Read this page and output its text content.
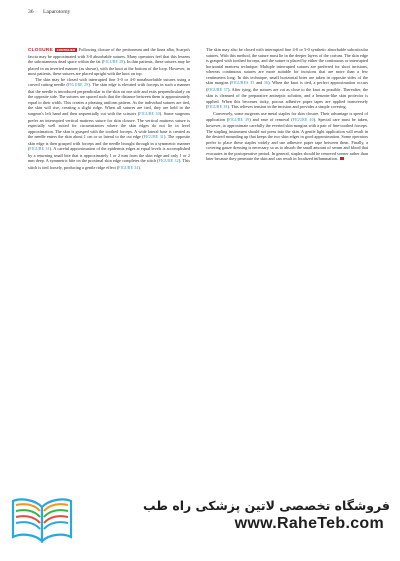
36 Laparotomy

CLOSURE CONTINUED Following closure of the peritoneum and the linea alba, Scarpa's fascia may be approximated with 3-0 absorbable sutures. Many operators feel that this lessens the subcutaneous dead space within the fat (FIGURE 28). In thin patients, these sutures may be placed in an inverted manner (as shown), with the knot at the bottom of the loop. However, in most patients, these sutures are placed upright with the knot on top.

The skin may be closed with interrupted fine 3-0 or 4-0 nonabsorbable sutures using a curved cutting needle (FIGURE 29). The skin edge is elevated with forceps in such a manner that the needle is introduced perpendicular to the skin on one side and exits perpendicularly on the opposite side. The sutures are spaced such that the distance between them is approximately equal to their width. This creates a pleasing uniform pattern. As the individual sutures are tied, the skin will rise, creating a slight ridge. When all sutures are tied, they are held in the surgeon's left hand and then sequentially cut with the scissors (FIGURE 30). Some surgeons prefer an interrupted vertical mattress suture for skin closure. The vertical mattress suture is especially well suited for circumstances where the skin edges do not lie in level approximation. The skin is grasped with the toothed forceps. A wide lateral base is created as the needle enters the skin about 1 cm or so lateral to the cut edge (FIGURE 31). The opposite skin edge is then grasped with forceps and the needle brought through in a symmetric manner (FIGURE 31). A careful approximation of the epidermis edges at equal levels is accomplished by a returning small bite that is approximately 1 or 2 mm from the skin edge and only 1 or 2 mm deep. A symmetric bite on the proximal skin edge completes the stitch (FIGURE 32). This stitch is tied loosely, producing a gentle ridge effect (FIGURE 34).

The skin may also be closed with interrupted fine 4-0 or 5-0 synthetic absorbable subcuticular sutures. With this method, the suture must lie in the deeper layers of the corium. The skin edge is grasped with toothed forceps, and the suture is placed by either the continuous or interrupted horizontal mattress technique. Multiple interrupted sutures are preferred for short incisions, whereas continuous sutures are more suitable for incisions that are more than a few centimeters long. In this technique, small horizontal bites are taken in opposite sides of the skin margins (FIGURES 35 and 36). When the knot is tied, a perfect approximation occurs (FIGURE 37). After tying, the sutures are cut as close to the knot as possible. Thereafter, the skin is cleansed of the preparative antiseptic solution, and a benzoin-like skin protector is applied. When this becomes tacky, porous adhesive paper tapes are applied transversely (FIGURE 38). This relieves tension in the incision and provides a simple covering.

Conversely, some surgeons use metal staples for skin closure. Their advantage is speed of application (FIGURE 39) and ease of removal (FIGURE 40). Special care must be taken, however, to approximate carefully the everted skin margins with a pair of fine-toothed forceps. The stapling instrument should not press into the skin. A gentle light application will result in the desired mounding up that keeps the two skin edges in good approximation. Some operators prefer to place these staples widely and use adhesive paper tape between them. Finally, a covering gauze dressing is necessary so as to absorb the small amount of serum and blood that evacuates in the postoperative period. In general, staples should be removed sooner rather than later because they penetrate the skin and can result in localized inflammation.

فروشگاه تخصصی لاتین پزشکی راه طب
www.RaheTeb.com
